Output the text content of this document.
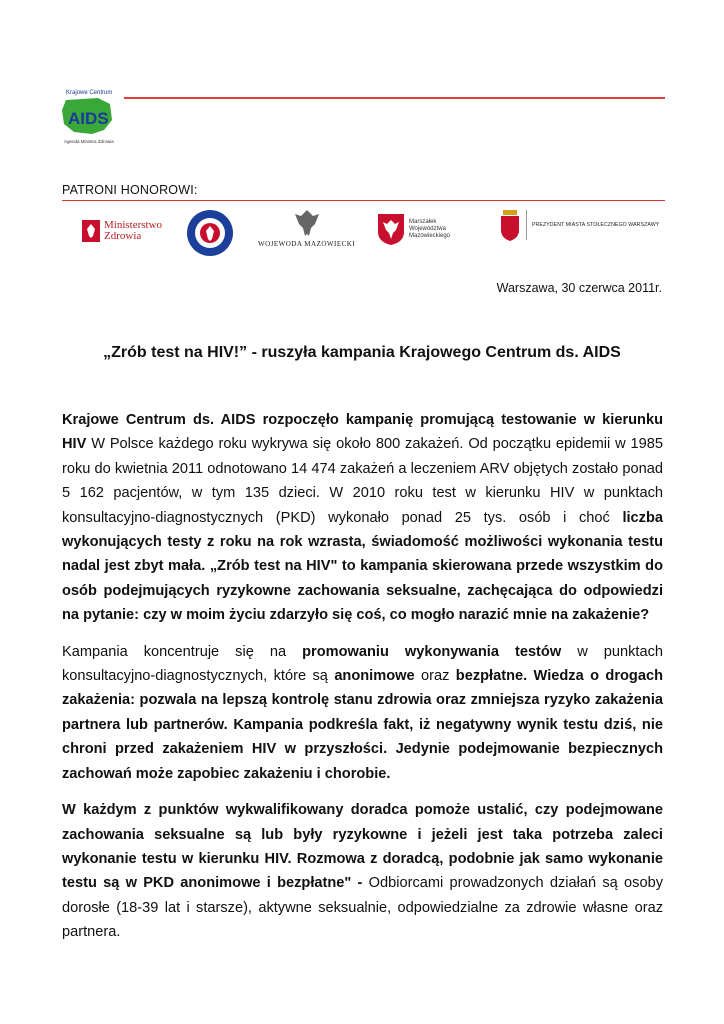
Krajowe Centrum
AIDS
Agenda Ministra Zdrowia
PATRONI HONOROWI:
Ministerstwo Zdrowia
WOJEWODA MAZOWIECKI
Marszałek Województwa Mazowieckiego
PREZYDENT MIASTA STOŁECZNEGO WARSZAWY
Warszawa, 30 czerwca 2011r.
„Zrób test na HIV!” - ruszyła kampania Krajowego Centrum ds. AIDS

Krajowe Centrum ds. AIDS rozpoczęło kampanię promującą testowanie w kierunku HIV W Polsce każdego roku wykrywa się około 800 zakażeń. Od początku epidemii w 1985 roku do kwietnia 2011 odnotowano 14 474 zakażeń a leczeniem ARV objętych zostało ponad 5 162 pacjentów, w tym 135 dzieci. W 2010 roku test w kierunku HIV w punktach konsultacyjno-diagnostycznych (PKD) wykonało ponad 25 tys. osób i choć liczba wykonujących testy z roku na rok wzrasta, świadomość możliwości wykonania testu nadal jest zbyt mała. „Zrób test na HIV" to kampania skierowana przede wszystkim do osób podejmujących ryzykowne zachowania seksualne, zachęcająca do odpowiedzi na pytanie: czy w moim życiu zdarzyło się coś, co mogło narazić mnie na zakażenie?

Kampania koncentruje się na promowaniu wykonywania testów w punktach konsultacyjno-diagnostycznych, które są anonimowe oraz bezpłatne. Wiedza o drogach zakażenia: pozwala na lepszą kontrolę stanu zdrowia oraz zmniejsza ryzyko zakażenia partnera lub partnerów. Kampania podkreśla fakt, iż negatywny wynik testu dziś, nie chroni przed zakażeniem HIV w przyszłości. Jedynie podejmowanie bezpiecznych zachowań może zapobiec zakażeniu i chorobie.

W każdym z punktów wykwalifikowany doradca pomoże ustalić, czy podejmowane zachowania seksualne są lub były ryzykowne i jeżeli jest taka potrzeba zaleci wykonanie testu w kierunku HIV. Rozmowa z doradcą, podobnie jak samo wykonanie testu są w PKD anonimowe i bezpłatne" - Odbiorcami prowadzonych działań są osoby dorosłe (18-39 lat i starsze), aktywne seksualnie, odpowiedzialne za zdrowie własne oraz partnera.
